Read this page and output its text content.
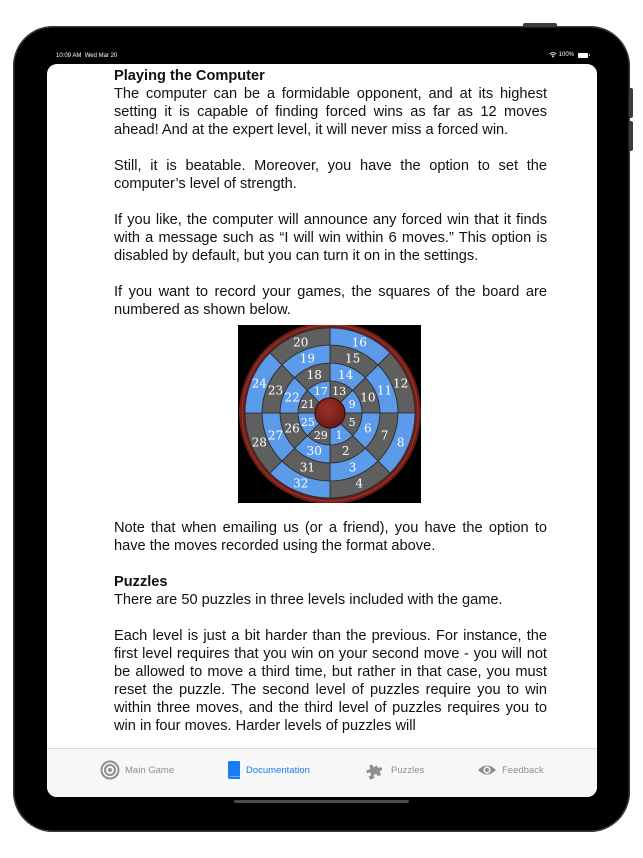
10:09 AM Wed Mar 20	100%
Playing the Computer

The computer can be a formidable opponent, and at its highest setting it is capable of finding forced wins as far as 12 moves ahead! And at the expert level, it will never miss a forced win.

Still, it is beatable. Moreover, you have the option to set the computer’s level of strength.

If you like, the computer will announce any forced win that it finds with a message such as “I will win within 6 moves.” This option is disabled by default, but you can turn it on in the settings.

If you want to record your games, the squares of the board are numbered as shown below.

13
14
15
16
9
10 11 12
5 6 7 8
1
2
3
4
29
30
31
32
25
26
27
28
21
22
23
24
17
18
19
20

Note that when emailing us (or a friend), you have the option to have the moves recorded using the format above.

Puzzles

There are 50 puzzles in three levels included with the game.

Each level is just a bit harder than the previous. For instance, the first level requires that you win on your second move - you will not be allowed to move a third time, but rather in that case, you must reset the puzzle. The second level of puzzles require you to win within three moves, and the third level of puzzles requires you to win in four moves. Harder levels of puzzles will

Main Game	Documentation	Puzzles	Feedback
